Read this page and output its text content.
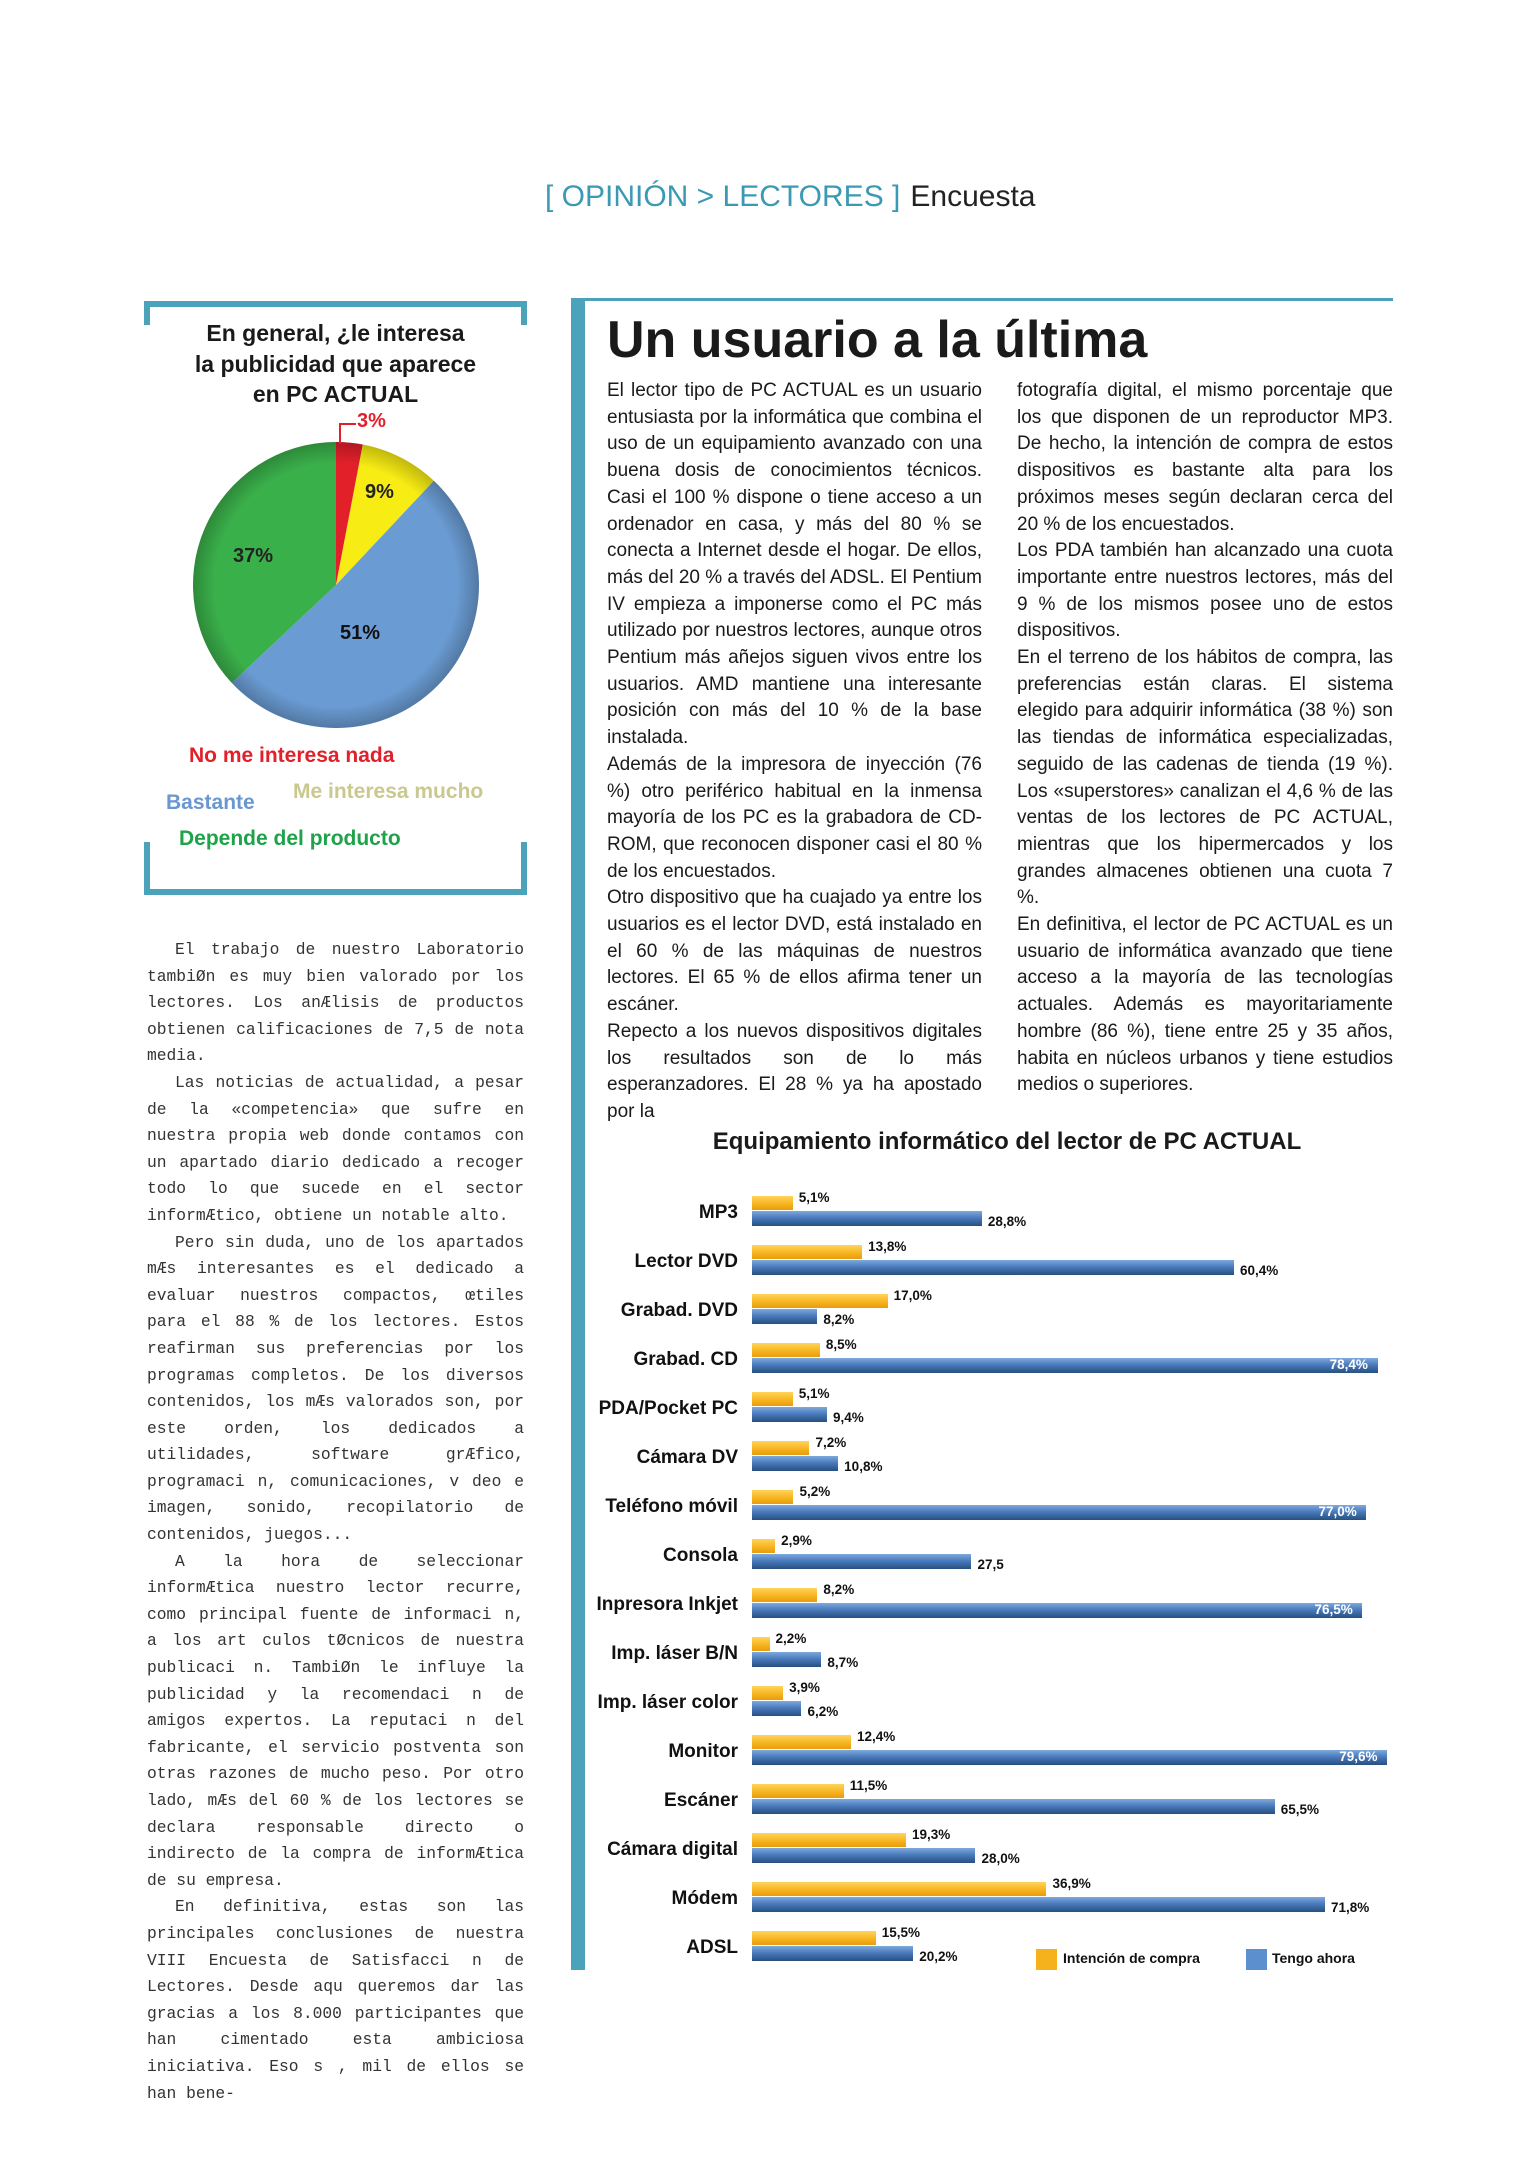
[ OPINIÓN > LECTORES ] Encuesta
En general, ¿le interesa
la publicidad que aparece
en PC ACTUAL
3%
9%
51%
37%
No me interesa nada
Bastante Me interesa mucho
Depende del producto

El trabajo de nuestro Laboratorio tambiØn es muy bien valorado por los lectores. Los anÆlisis de productos obtienen calificaciones de 7,5 de nota media.

Las noticias de actualidad, a pesar de la «competencia» que sufre en nuestra propia web donde contamos con un apartado diario dedicado a recoger todo lo que sucede en el sector informÆtico, obtiene un notable alto.

Pero sin duda, uno de los apartados mÆs interesantes es el dedicado a evaluar nuestros compactos, œtiles para el 88 % de los lectores. Estos reafirman sus preferencias por los programas completos. De los diversos contenidos, los mÆs valorados son, por este orden, los dedicados a utilidades, software grÆfico, programaci n, comunicaciones, v deo e imagen, sonido, recopilatorio de contenidos, juegos...

A la hora de seleccionar informÆtica nuestro lector recurre, como principal fuente de informaci n, a los art culos tØcnicos de nuestra publicaci n. TambiØn le influye la publicidad y la recomendaci n de amigos expertos. La reputaci n del fabricante, el servicio postventa son otras razones de mucho peso. Por otro lado, mÆs del 60 % de los lectores se declara responsable directo o indirecto de la compra de informÆtica de su empresa.

En definitiva, estas son las principales conclusiones de nuestra VIII Encuesta de Satisfacci n de Lectores. Desde aqu queremos dar las gracias a los 8.000 participantes que han cimentado esta ambiciosa iniciativa. Eso s , mil de ellos se han bene-

Un usuario a la última

El lector tipo de PC ACTUAL es un usuario entusiasta por la informática que combina el uso de un equipamiento avanzado con una buena dosis de conocimientos técnicos. Casi el 100 % dispone o tiene acceso a un ordenador en casa, y más del 80 % se conecta a Internet desde el hogar. De ellos, más del 20 % a través del ADSL. El Pentium IV empieza a imponerse como el PC más utilizado por nuestros lectores, aunque otros Pentium más añejos siguen vivos entre los usuarios. AMD mantiene una interesante posición con más del 10 % de la base instalada.

Además de la impresora de inyección (76 %) otro periférico habitual en la inmensa mayoría de los PC es la grabadora de CD-ROM, que reconocen disponer casi el 80 % de los encuestados.

Otro dispositivo que ha cuajado ya entre los usuarios es el lector DVD, está instalado en el 60 % de las máquinas de nuestros lectores. El 65 % de ellos afirma tener un escáner.

Repecto a los nuevos dispositivos digitales los resultados son de lo más esperanzadores. El 28 % ya ha apostado por la

fotografía digital, el mismo porcentaje que los que disponen de un reproductor MP3. De hecho, la intención de compra de estos dispositivos es bastante alta para los próximos meses según declaran cerca del 20 % de los encuestados.

Los PDA también han alcanzado una cuota importante entre nuestros lectores, más del 9 % de los mismos posee uno de estos dispositivos.

En el terreno de los hábitos de compra, las preferencias están claras. El sistema elegido para adquirir informática (38 %) son las tiendas de informática especializadas, seguido de las cadenas de tienda (19 %). Los «superstores» canalizan el 4,6 % de las ventas de los lectores de PC ACTUAL, mientras que los hipermercados y los grandes almacenes obtienen una cuota 7 %.

En definitiva, el lector de PC ACTUAL es un usuario de informática avanzado que tiene acceso a la mayoría de las tecnologías actuales. Además es mayoritariamente hombre (86 %), tiene entre 25 y 35 años, habita en núcleos urbanos y tiene estudios medios o superiores.

Equipamiento informático del lector de PC ACTUAL
MP3
5,1%
28,8%
Lector DVD
13,8%
60,4%
Grabad. DVD
17,0%
8,2%
Grabad. CD
8,5%
78,4%
PDA/Pocket PC
5,1%
9,4%
Cámara DV
7,2%
10,8%
Teléfono móvil
5,2%
77,0%
Consola
2,9%
27,5
Inpresora Inkjet
8,2%
76,5%
Imp. láser B/N
2,2%
8,7%
Imp. láser color
3,9%
6,2%
Monitor
12,4%
79,6%
Escáner
11,5%
65,5%
Cámara digital
19,3%
28,0%
Módem
36,9%
71,8%
ADSL
15,5%
20,2%	Intención de compra	Tengo ahora
